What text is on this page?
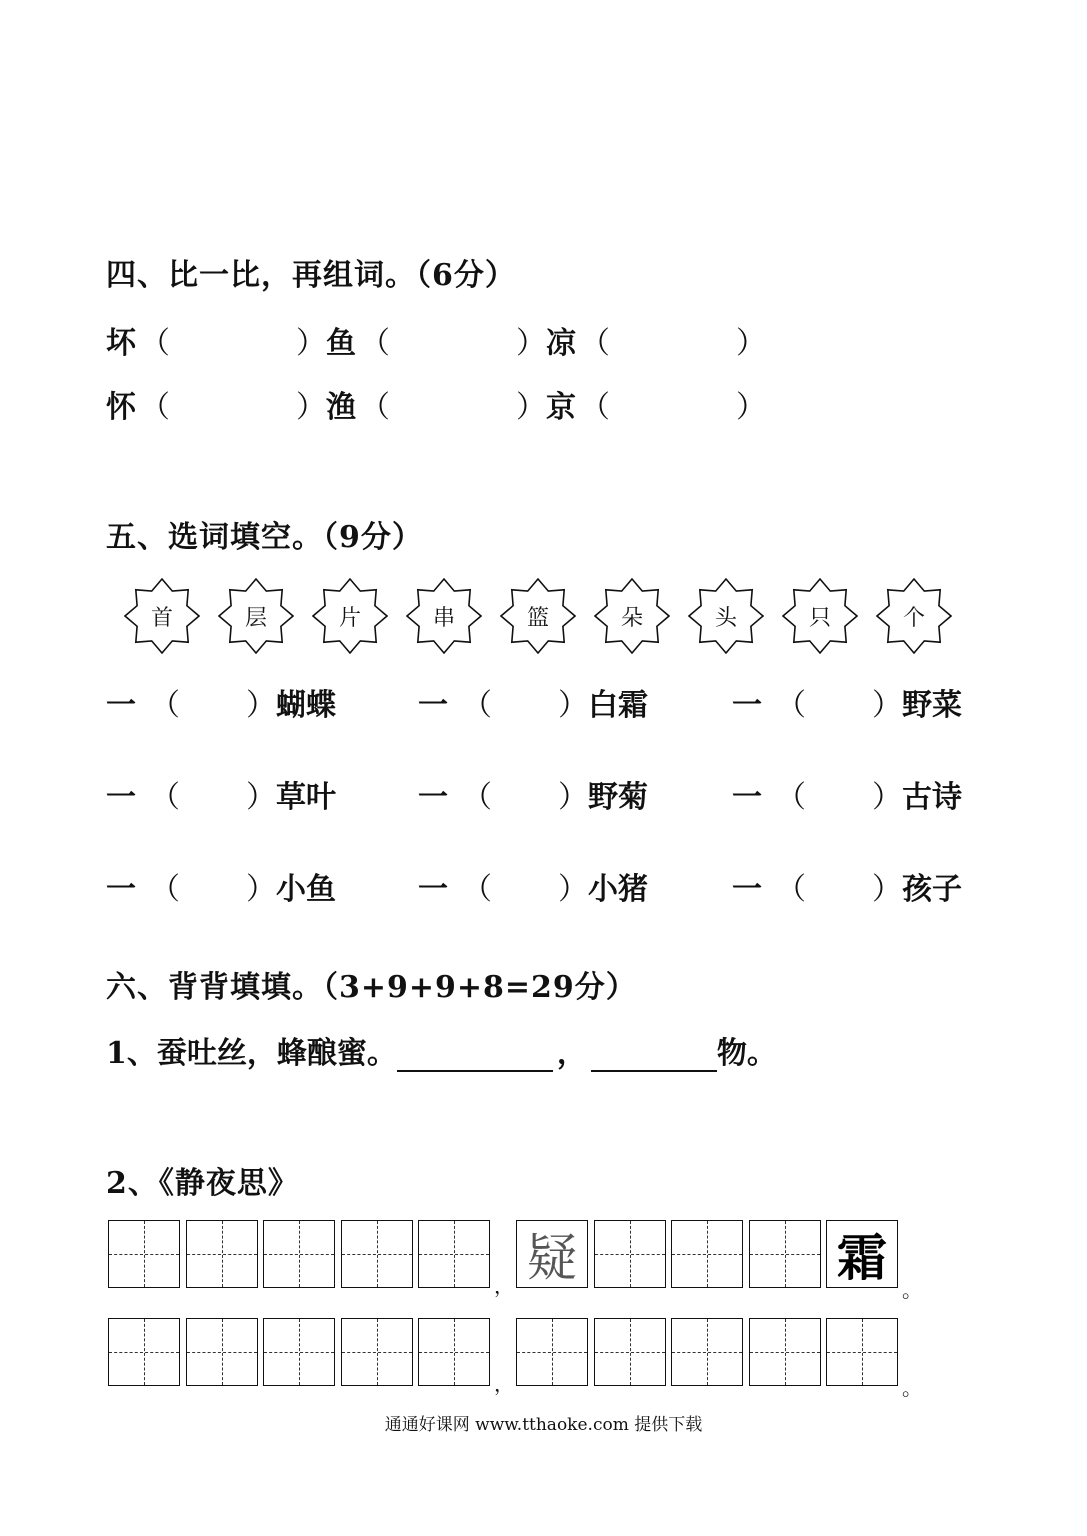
四、比一比，再组词。（6分）
坏 （	） 鱼 （	） 凉 （	）
怀 （	） 渔 （	） 京 （	）
五、选词填空。（9分）
首	层	片	串	篮	朵	头	只	个
一 （ ） 蝴蝶	一 （ ） 白霜	一 （ ） 野菜
一 （ ） 草叶	一 （ ） 野菊	一 （ ） 古诗
一 （ ） 小鱼	一 （ ） 小猪	一 （ ） 孩子
六、背背填填。（3+9+9+8=29分）
1、蚕吐丝，蜂酿蜜。	，	物。
2、《静夜思》
疑	霜
，	。
，	。
通通好课网 www.tthaoke.com 提供下载
